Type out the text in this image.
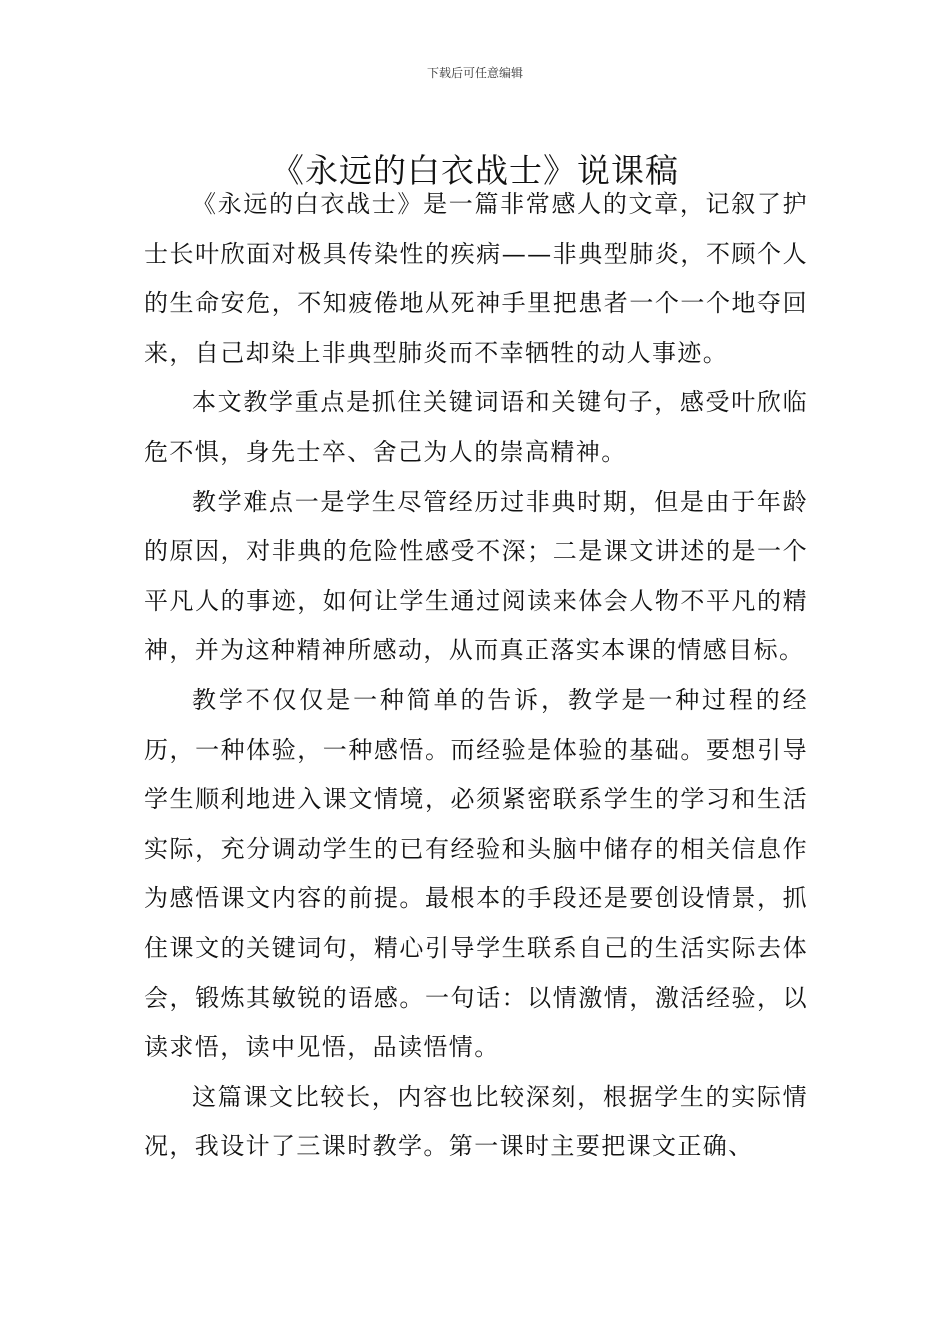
下载后可任意编辑
《永远的白衣战士》说课稿

《永远的白衣战士》是一篇非常感人的文章，记叙了护士长叶欣面对极具传染性的疾病——非典型肺炎，不顾个人的生命安危，不知疲倦地从死神手里把患者一个一个地夺回来，自己却染上非典型肺炎而不幸牺牲的动人事迹。

本文教学重点是抓住关键词语和关键句子，感受叶欣临危不惧，身先士卒、舍己为人的崇高精神。

教学难点一是学生尽管经历过非典时期，但是由于年龄的原因，对非典的危险性感受不深；二是课文讲述的是一个平凡人的事迹，如何让学生通过阅读来体会人物不平凡的精神，并为这种精神所感动，从而真正落实本课的情感目标。

教学不仅仅是一种简单的告诉，教学是一种过程的经历，一种体验，一种感悟。而经验是体验的基础。要想引导学生顺利地进入课文情境，必须紧密联系学生的学习和生活实际，充分调动学生的已有经验和头脑中储存的相关信息作为感悟课文内容的前提。最根本的手段还是要创设情景，抓住课文的关键词句，精心引导学生联系自己的生活实际去体会，锻炼其敏锐的语感。一句话：以情激情，激活经验，以读求悟，读中见悟，品读悟情。

这篇课文比较长，内容也比较深刻，根据学生的实际情况，我设计了三课时教学。第一课时主要把课文正确、
